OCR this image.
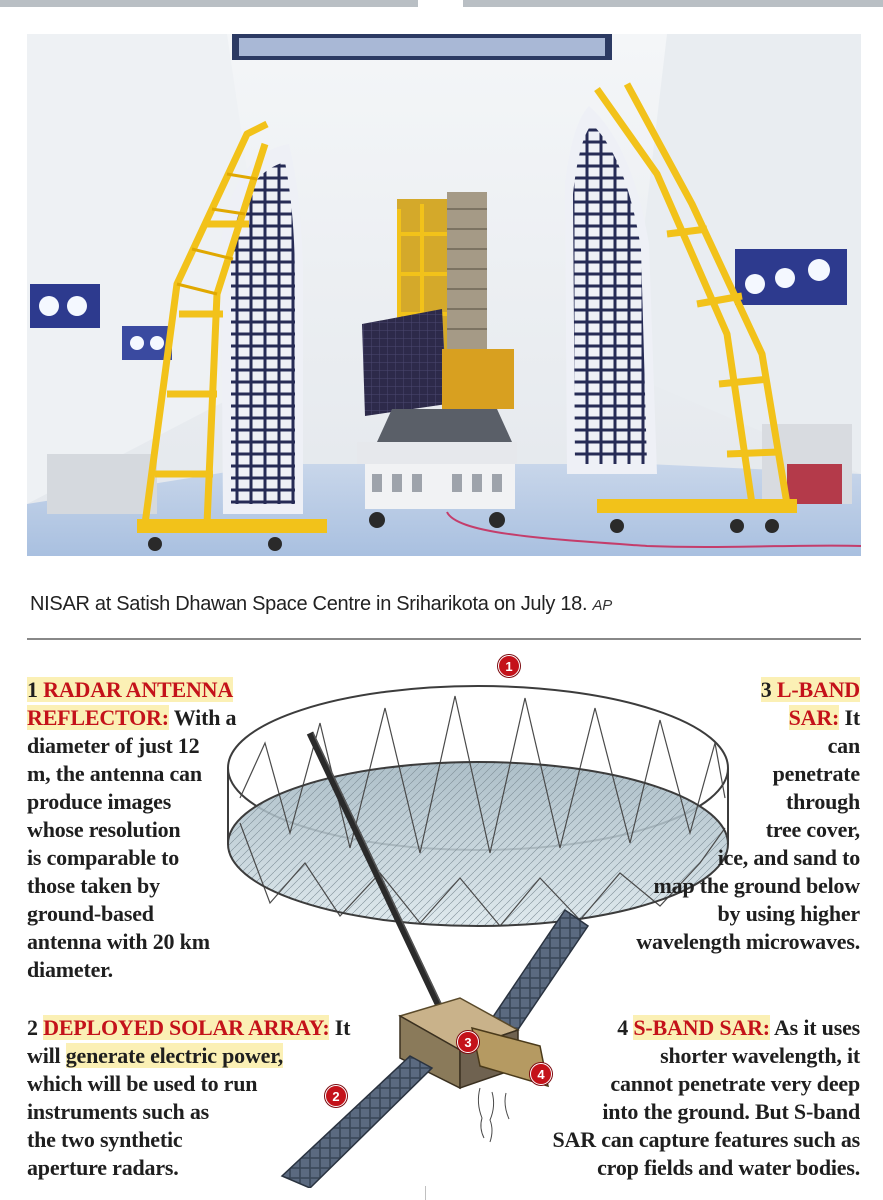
NISAR at Satish Dhawan Space Centre in Sriharikota on July 18. AP
1
2
3
4
1 RADAR ANTENNA
REFLECTOR: With a
diameter of just 12
m, the antenna can
produce images
whose resolution
is comparable to
those taken by
ground-based
antenna with 20 km
diameter.
3 L-BAND
SAR: It
can
penetrate
through
tree cover,
ice, and sand to
map the ground below
by using higher
wavelength microwaves.
2 DEPLOYED SOLAR ARRAY: It
will generate electric power,
which will be used to run
instruments such as
the two synthetic
aperture radars.
4 S-BAND SAR: As it uses
shorter wavelength, it
cannot penetrate very deep
into the ground. But S-band
SAR can capture features such as
crop fields and water bodies.
